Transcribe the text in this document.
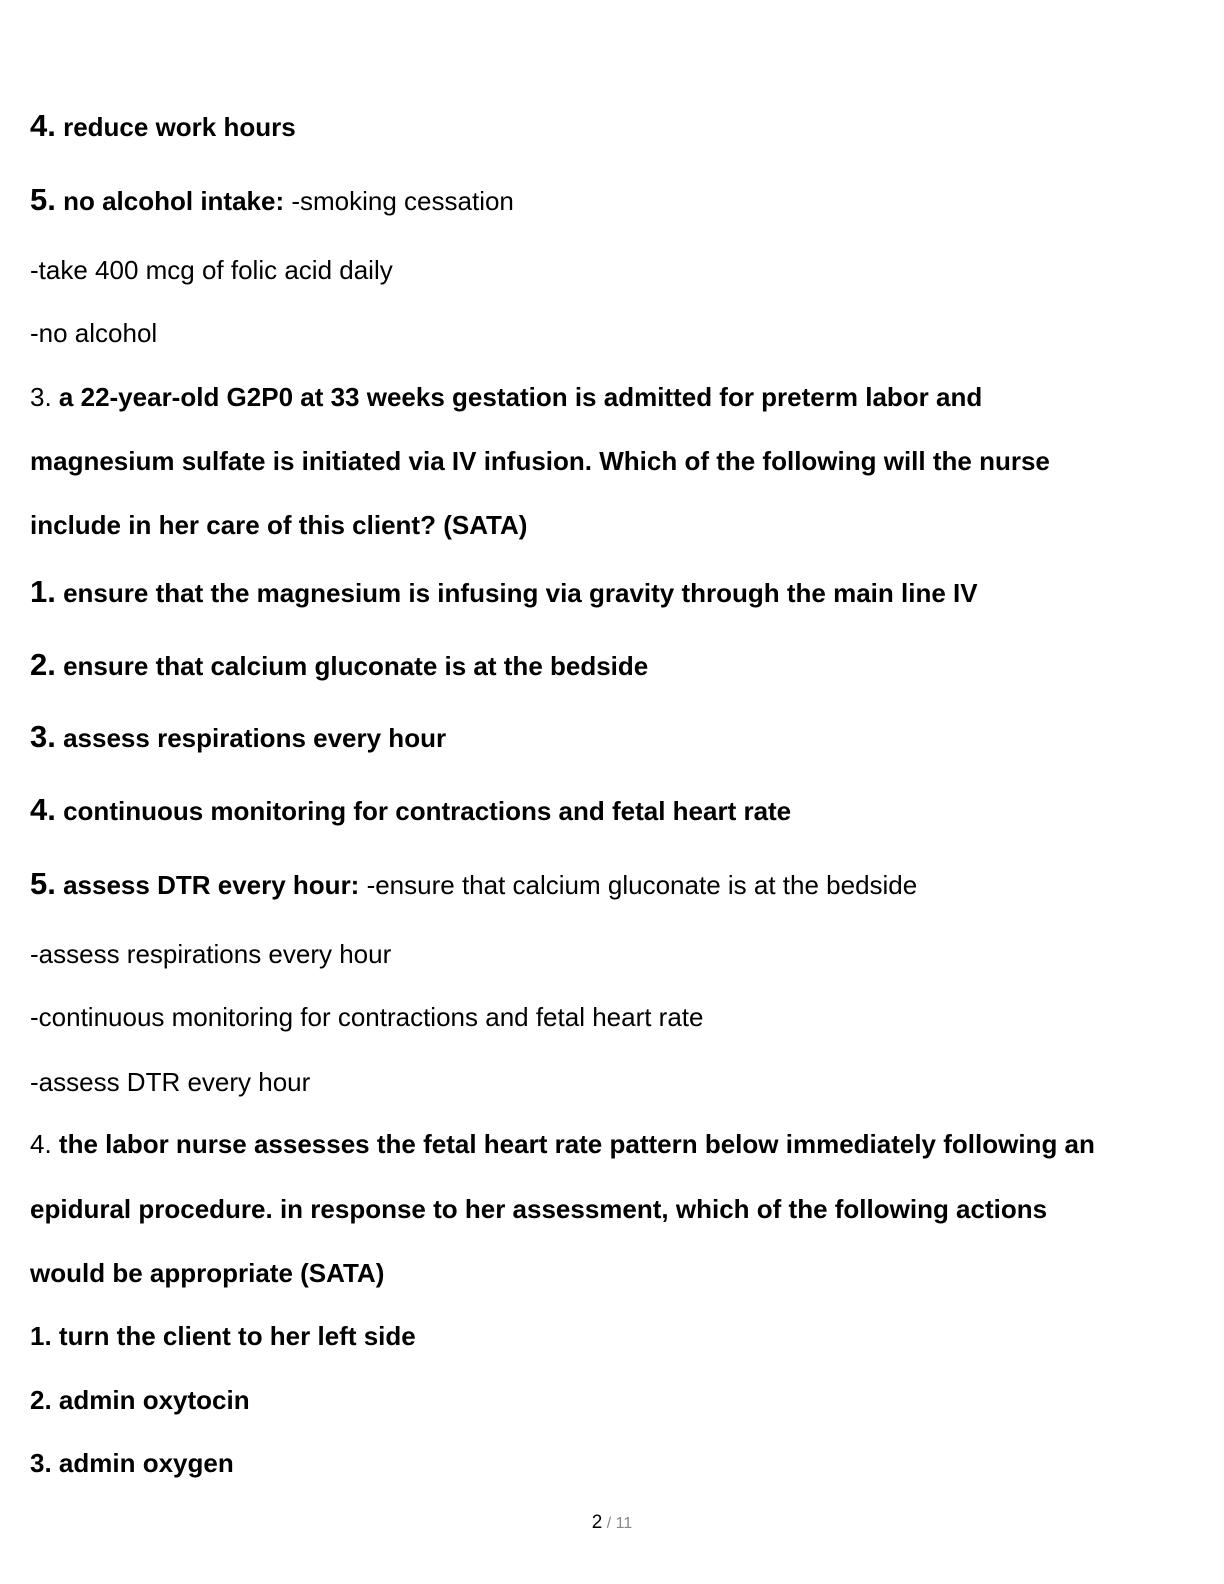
4. reduce work hours
5. no alcohol intake: -smoking cessation
-take 400 mcg of folic acid daily
-no alcohol
3. a 22-year-old G2P0 at 33 weeks gestation is admitted for preterm labor and
magnesium sulfate is initiated via IV infusion. Which of the following will the nurse
include in her care of this client? (SATA)
1. ensure that the magnesium is infusing via gravity through the main line IV
2. ensure that calcium gluconate is at the bedside
3. assess respirations every hour
4. continuous monitoring for contractions and fetal heart rate
5. assess DTR every hour: -ensure that calcium gluconate is at the bedside
-assess respirations every hour
-continuous monitoring for contractions and fetal heart rate
-assess DTR every hour
4. the labor nurse assesses the fetal heart rate pattern below immediately following an
epidural procedure. in response to her assessment, which of the following actions
would be appropriate (SATA)
1. turn the client to her left side
2. admin oxytocin
3. admin oxygen
2 / 11
